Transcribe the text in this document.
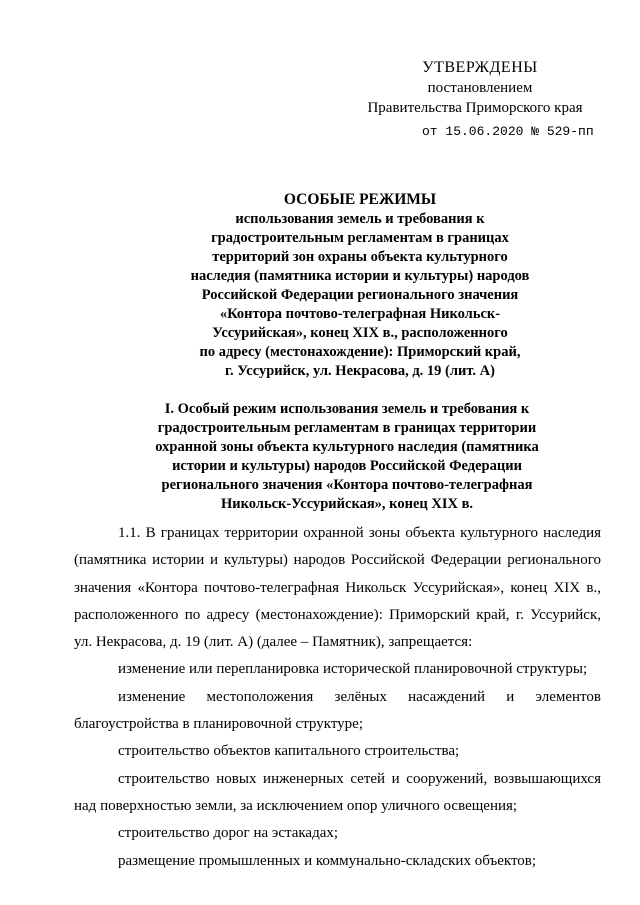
УТВЕРЖДЕНЫ
постановлением
Правительства Приморского края
от 15.06.2020 № 529-пп
ОСОБЫЕ РЕЖИМЫ
использования земель и требования к
градостроительным регламентам в границах
территорий зон охраны объекта культурного
наследия (памятника истории и культуры) народов
Российской Федерации регионального значения
«Контора почтово-телеграфная Никольск-
Уссурийская», конец XIX в., расположенного
по адресу (местонахождение): Приморский край,
г. Уссурийск, ул. Некрасова, д. 19 (лит. А)
I. Особый режим использования земель и требования к
градостроительным регламентам в границах территории
охранной зоны объекта культурного наследия (памятника
истории и культуры) народов Российской Федерации
регионального значения «Контора почтово-телеграфная
Никольск-Уссурийская», конец XIX в.

1.1. В границах территории охранной зоны объекта культурного наследия (памятника истории и культуры) народов Российской Федерации регионального значения «Контора почтово-телеграфная Никольск Уссурийская», конец XIX в., расположенного по адресу (местонахождение): Приморский край, г. Уссурийск, ул. Некрасова, д. 19 (лит. А) (далее – Памятник), запрещается:

изменение или перепланировка исторической планировочной структуры;

изменение местоположения зелёных насаждений и элементов благоустройства в планировочной структуре;

строительство объектов капитального строительства;

строительство новых инженерных сетей и сооружений, возвышающихся над поверхностью земли, за исключением опор уличного освещения;

строительство дорог на эстакадах;

размещение промышленных и коммунально-складских объектов;
